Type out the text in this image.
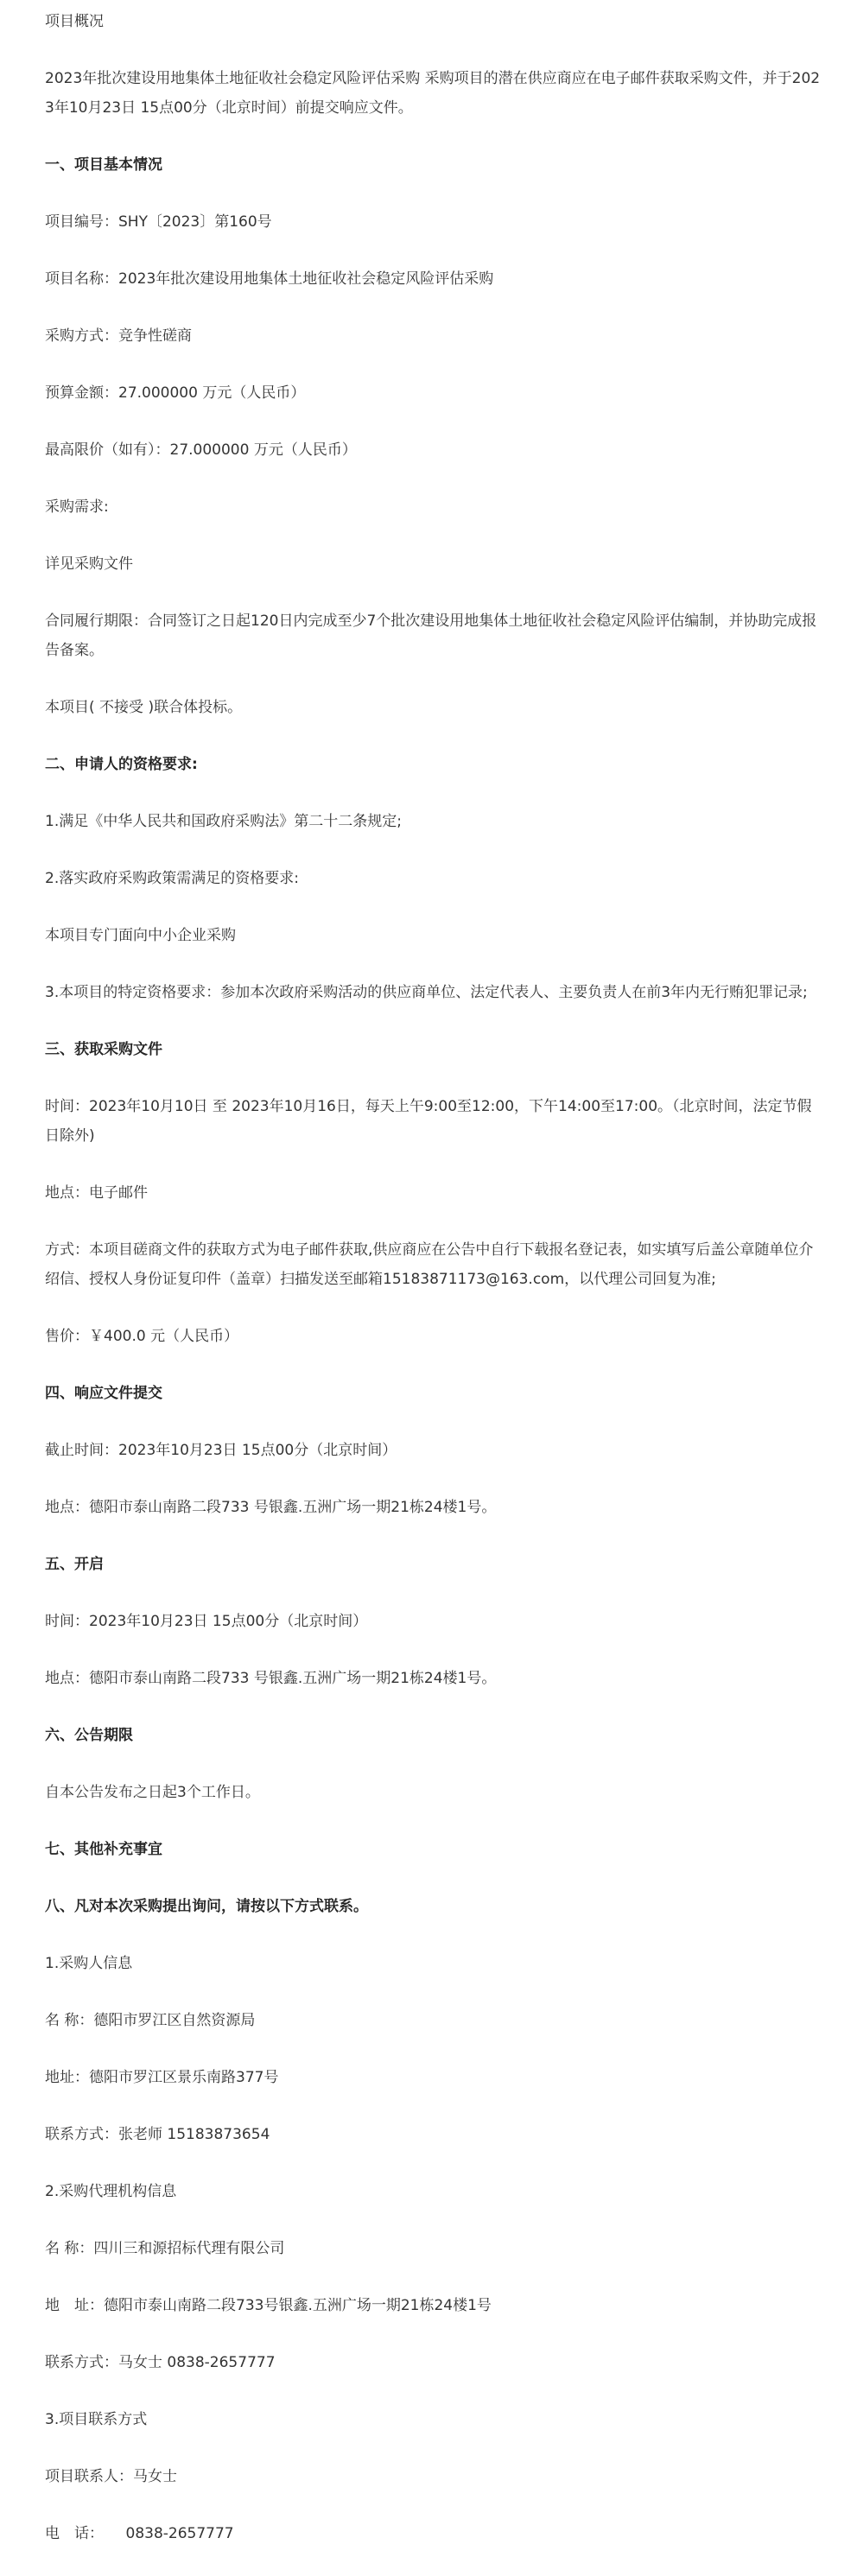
项目概况

2023年批次建设用地集体土地征收社会稳定风险评估采购 采购项目的潜在供应商应在电子邮件获取采购文件，并于2023年10月23日 15点00分（北京时间）前提交响应文件。

一、项目基本情况

项目编号：SHY〔2023〕第160号

项目名称：2023年批次建设用地集体土地征收社会稳定风险评估采购

采购方式：竞争性磋商

预算金额：27.000000 万元（人民币）

最高限价（如有）：27.000000 万元（人民币）

采购需求:

详见采购文件

合同履行期限：合同签订之日起120日内完成至少7个批次建设用地集体土地征收社会稳定风险评估编制，并协助完成报告备案。

本项目( 不接受 )联合体投标。

二、申请人的资格要求:

1.满足《中华人民共和国政府采购法》第二十二条规定;

2.落实政府采购政策需满足的资格要求:

本项目专门面向中小企业采购

3.本项目的特定资格要求：参加本次政府采购活动的供应商单位、法定代表人、主要负责人在前3年内无行贿犯罪记录;

三、获取采购文件

时间：2023年10月10日 至 2023年10月16日，每天上午9:00至12:00，下午14:00至17:00。（北京时间，法定节假日除外)

地点：电子邮件

方式：本项目磋商文件的获取方式为电子邮件获取,供应商应在公告中自行下载报名登记表，如实填写后盖公章随单位介绍信、授权人身份证复印件（盖章）扫描发送至邮箱15183871173@163.com，以代理公司回复为准;

售价：￥400.0 元（人民币）

四、响应文件提交

截止时间：2023年10月23日 15点00分（北京时间）

地点：德阳市泰山南路二段733 号银鑫.五洲广场一期21栋24楼1号。

五、开启

时间：2023年10月23日 15点00分（北京时间）

地点：德阳市泰山南路二段733 号银鑫.五洲广场一期21栋24楼1号。

六、公告期限

自本公告发布之日起3个工作日。

七、其他补充事宜

八、凡对本次采购提出询问，请按以下方式联系。

1.采购人信息

名 称：德阳市罗江区自然资源局

地址：德阳市罗江区景乐南路377号

联系方式：张老师 15183873654

2.采购代理机构信息

名 称：四川三和源招标代理有限公司

地　址：德阳市泰山南路二段733号银鑫.五洲广场一期21栋24楼1号

联系方式：马女士 0838-2657777

3.项目联系方式

项目联系人：马女士

电　话：　　0838-2657777
